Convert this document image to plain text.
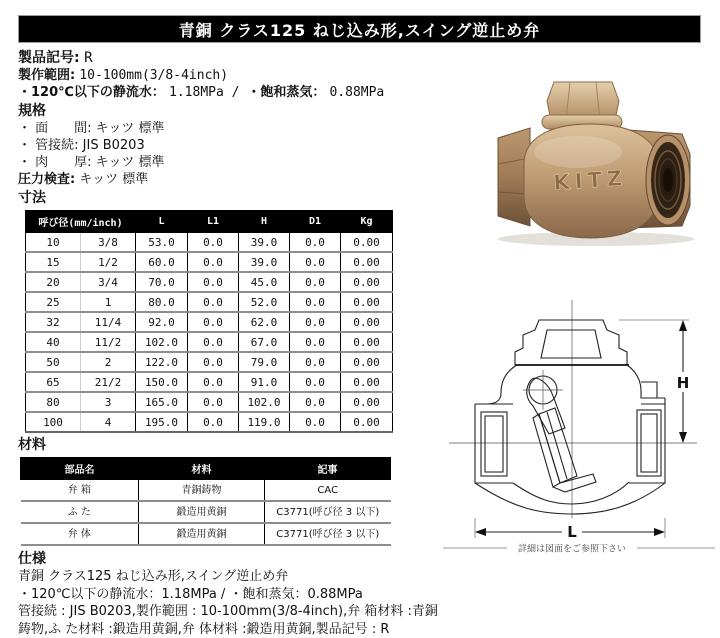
青銅 クラス125 ねじ込み形,スイング逆止め弁
製品記号: R
製作範囲: 10-100mm(3/8-4inch)
・120℃以下の静流水： 1.18MPa / ・飽和蒸気： 0.88MPa
規格
・ 面　　間: キッツ 標準
・ 管接続: JIS B0203
・ 肉　　厚: キッツ 標準
圧力検査: キッツ 標準
寸法
呼び径(mm/inch)		L	L1	H	D1	Kg
10	3/8	53.0	0.0	39.0	0.0	0.00
15	1/2	60.0	0.0	39.0	0.0	0.00
20	3/4	70.0	0.0	45.0	0.0	0.00
25	1	80.0	0.0	52.0	0.0	0.00
32	11/4	92.0	0.0	62.0	0.0	0.00
40	11/2	102.0	0.0	67.0	0.0	0.00
50	2	122.0	0.0	79.0	0.0	0.00
65	21/2	150.0	0.0	91.0	0.0	0.00
80	3	165.0	0.0	102.0	0.0	0.00
100	4	195.0	0.0	119.0	0.0	0.00
材料
部品名	材料	記事
弁 箱	青銅鋳物	CAC
ふ た	鍛造用黄銅	C3771(呼び径 3 以下)
弁 体	鍛造用黄銅	C3771(呼び径 3 以下)
仕様
青銅 クラス125 ねじ込み形,スイング逆止め弁
・120℃以下の静流水：1.18MPa / ・飽和蒸気：0.88MPa
管接続 : JIS B0203,製作範囲 : 10-100mm(3/8-4inch),弁 箱材料 :青銅
鋳物,ふ た材料 :鍛造用黄銅,弁 体材料 :鍛造用黄銅,製品記号 : R
KITZ
H
L
詳細は図面をご参照下さい
